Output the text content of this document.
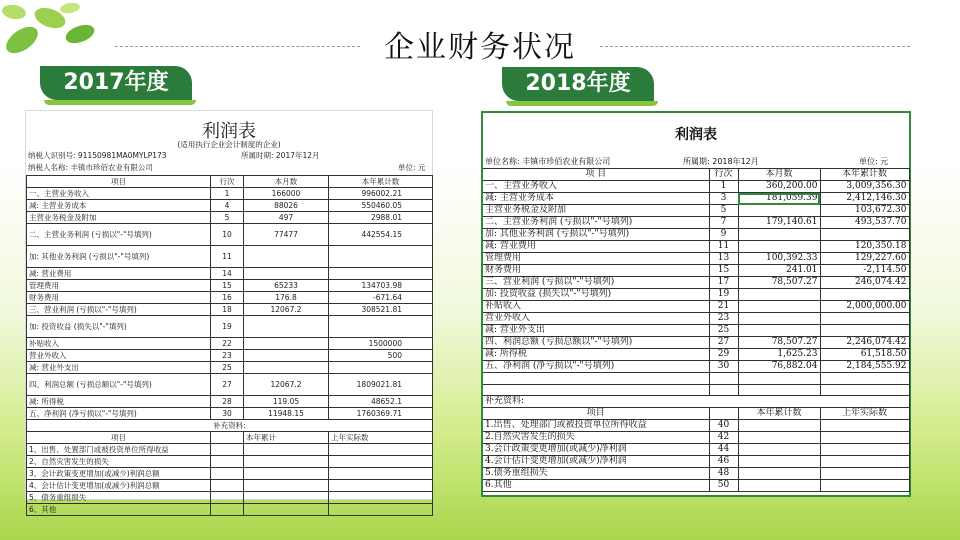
企业财务状况
2017年度	2018年度
利润表
(适用执行企业会计制度的企业)
纳税人识别号: 91150981MA0MYLP173	所属时期: 2017年12月
纳税人名称: 丰镇市珍佰农业有限公司	单位: 元
项目	行次	本月数	本年累计数
一、主营业务收入	1	166000	996002.21
减: 主营业务成本	4	88026	550460.05
主营业务税金及附加	5	497	2988.01
二、主营业务利润 (亏损以"-"号填列)	10	77477	442554.15
加: 其他业务利润 (亏损以"-"号填列)	11		
减: 营业费用	14		
管理费用	15	65233	134703.98
财务费用	16	176.8	-671.64
三、营业利润 (亏损以"-"号填列)	18	12067.2	308521.81
加: 投资收益 (损失以"-"填列)	19		
补贴收入	22		1500000
营业外收入	23		500
减: 营业外支出	25		
四、利润总额 (亏损总额以"-"号填列)	27	12067.2	1809021.81
减: 所得税	28	119.05	48652.1
五、净利润 (净亏损以"-"号填列)	30	11948.15	1760369.71
补充资料:			
项目		本年累计	上年实际数
1、出售、处置部门或被投资单位所得收益			
2、自然灾害发生的损失			
3、会计政策变更增加(或减少)利润总额			
4、会计估计变更增加(或减少)利润总额			
5、债务重组损失			
6、其他			
利润表
单位名称: 丰镇市珍佰农业有限公司	所属期: 2018年12月	单位: 元
项 目	行次	本月数	本年累计数
一、主营业务收入	1	360,200.00	3,009,356.30
减: 主营业务成本	3	181,059.39	2,412,146.30
主营业务税金及附加	5		103,672.30
二、主营业务利润 (亏损以"-"号填列)	7	179,140.61	493,537.70
加: 其他业务利润 (亏损以"-"号填列)	9		
减: 营业费用	11		120,350.18
管理费用	13	100,392.33	129,227.60
财务费用	15	241.01	-2,114.50
三、营业利润 (亏损以"-"号填列)	17	78,507.27	246,074.42
加: 投资收益 (损失以"-"号填列)	19		
补贴收入	21		2,000,000.00
营业外收入	23		
减: 营业外支出	25		
四、利润总额 (亏损总额以"-"号填列)	27	78,507.27	2,246,074.42
减: 所得税	29	1,625.23	61,518.50
五、净利润 (净亏损以"-"号填列)	30	76,882.04	2,184,555.92

补充资料:			
项目		本年累计数	上年实际数
1.出售、处理部门或被投资单位所得收益	40		
2.自然灾害发生的损失	42		
3.会计政策变更增加(或减少)净利润	44		
4.会计估计变更增加(或减少)净利润	46		
5.债务重组损失	48		
6.其他	50		
